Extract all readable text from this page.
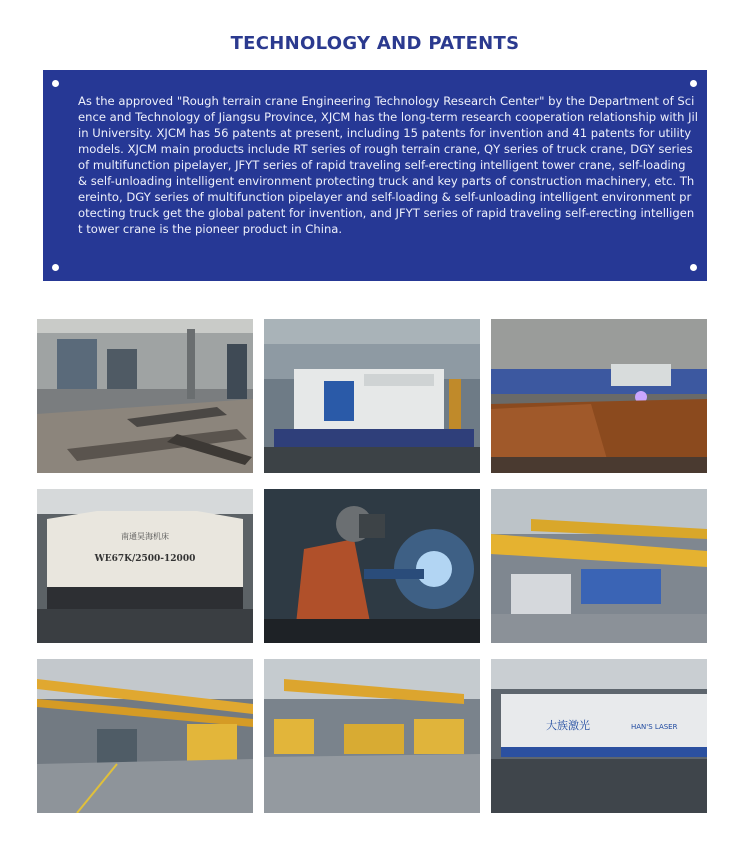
TECHNOLOGY AND PATENTS
As the approved "Rough terrain crane Engineering Technology Research Center" by the Department of Science and Technology of Jiangsu Province, XJCM has the long-term research cooperation relationship with Jilin University. XJCM has 56 patents at present, including 15 patents for invention and 41 patents for utility models. XJCM main products include RT series of rough terrain crane, QY series of truck crane, DGY series of multifunction pipelayer, JFYT series of rapid traveling self-erecting intelligent tower crane, self-loading & self-unloading intelligent environment protecting truck and key parts of construction machinery, etc. Thereinto, DGY series of multifunction pipelayer and self-loading & self-unloading intelligent environment protecting truck get the global patent for invention, and JFYT series of rapid traveling self-erecting intelligent tower crane is the pioneer product in China.
南通昊海机床
WE67K/2500-12000
大族激光	HAN'S LASER
